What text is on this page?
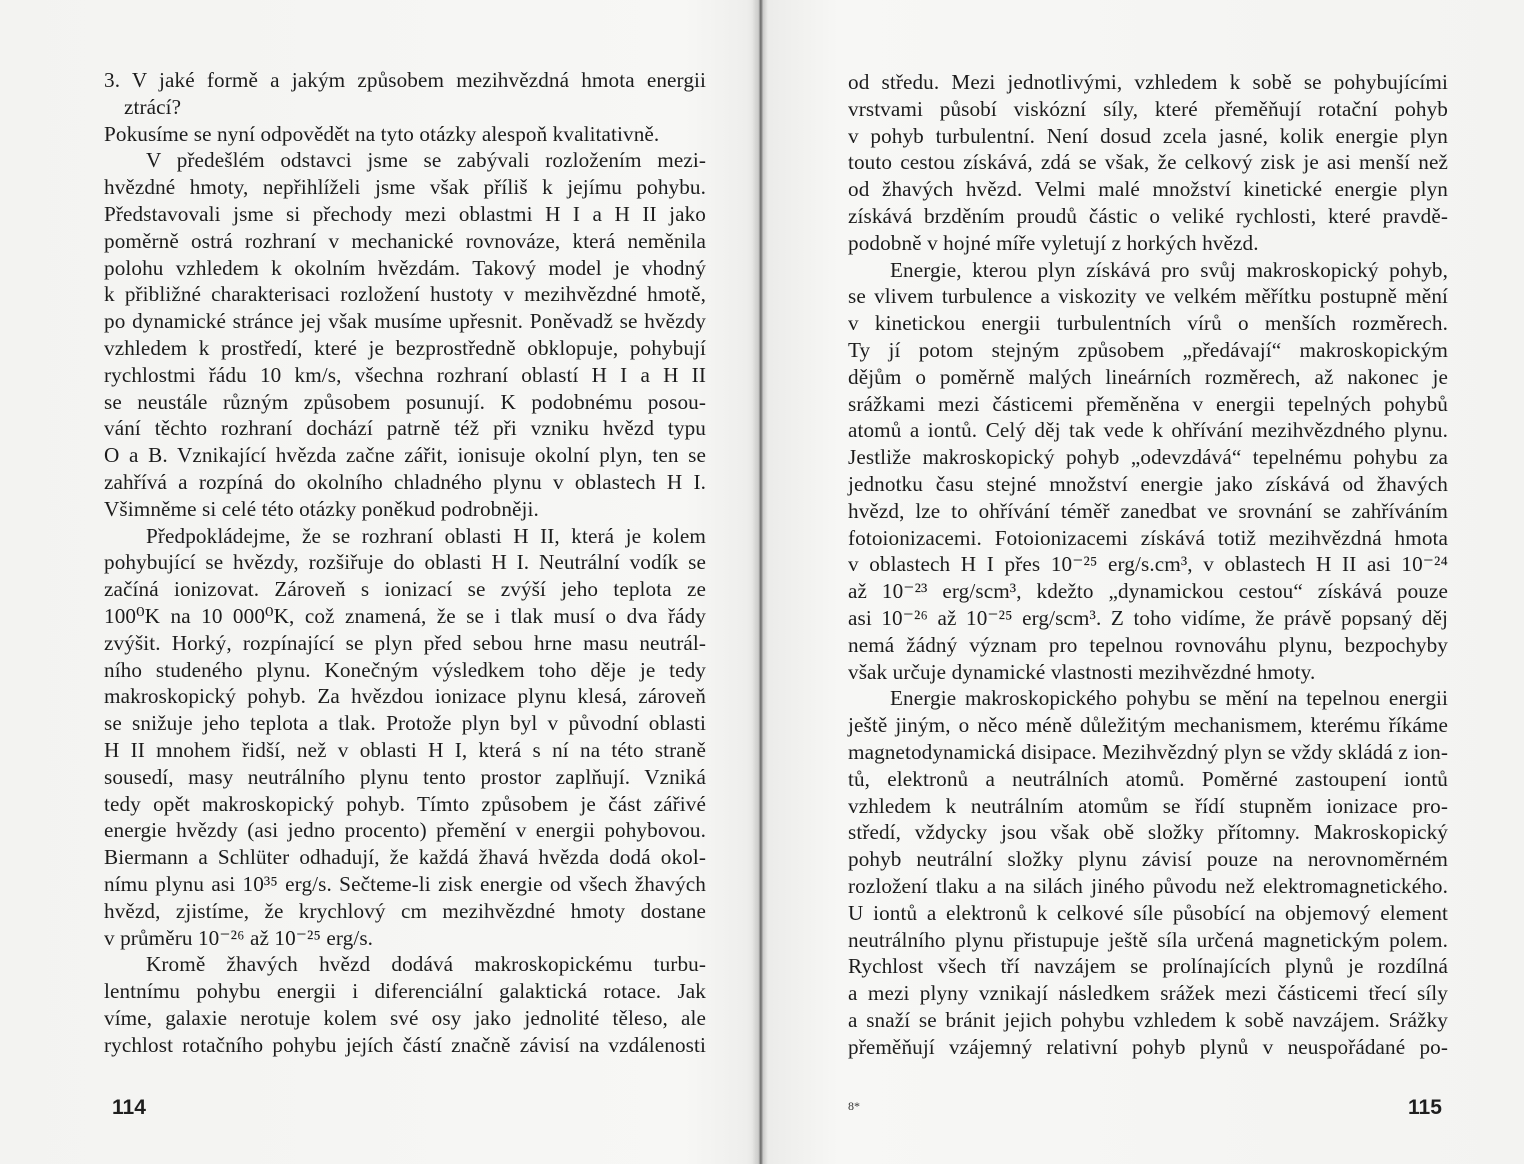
3. V jaké formě a jakým způsobem mezihvězdná hmota energii
ztrácí?
Pokusíme se nyní odpovědět na tyto otázky alespoň kvalitativně.
V předešlém odstavci jsme se zabývali rozložením mezi-
hvězdné hmoty, nepřihlíželi jsme však příliš k jejímu pohybu.
Představovali jsme si přechody mezi oblastmi H I a H II jako
poměrně ostrá rozhraní v mechanické rovnováze, která neměnila
polohu vzhledem k okolním hvězdám. Takový model je vhodný
k přibližné charakterisaci rozložení hustoty v mezihvězdné hmotě,
po dynamické stránce jej však musíme upřesnit. Poněvadž se hvězdy
vzhledem k prostředí, které je bezprostředně obklopuje, pohybují
rychlostmi řádu 10 km/s, všechna rozhraní oblastí H I a H II
se neustále různým způsobem posunují. K podobnému posou-
vání těchto rozhraní dochází patrně též při vzniku hvězd typu
O a B. Vznikající hvězda začne zářit, ionisuje okolní plyn, ten se
zahřívá a rozpíná do okolního chladného plynu v oblastech H I.
Všimněme si celé této otázky poněkud podrobněji.
Předpokládejme, že se rozhraní oblasti H II, která je kolem
pohybující se hvězdy, rozšiřuje do oblasti H I. Neutrální vodík se
začíná ionizovat. Zároveň s ionizací se zvýší jeho teplota ze
100⁰K na 10 000⁰K, což znamená, že se i tlak musí o dva řády
zvýšit. Horký, rozpínající se plyn před sebou hrne masu neutrál-
ního studeného plynu. Konečným výsledkem toho děje je tedy
makroskopický pohyb. Za hvězdou ionizace plynu klesá, zároveň
se snižuje jeho teplota a tlak. Protože plyn byl v původní oblasti
H II mnohem řidší, než v oblasti H I, která s ní na této straně
sousedí, masy neutrálního plynu tento prostor zaplňují. Vzniká
tedy opět makroskopický pohyb. Tímto způsobem je část zářivé
energie hvězdy (asi jedno procento) přemění v energii pohybovou.
Biermann a Schlüter odhadují, že každá žhavá hvězda dodá okol-
nímu plynu asi 10³⁵ erg/s. Sečteme-li zisk energie od všech žhavých
hvězd, zjistíme, že krychlový cm mezihvězdné hmoty dostane
v průměru 10⁻²⁶ až 10⁻²⁵ erg/s.
Kromě žhavých hvězd dodává makroskopickému turbu-
lentnímu pohybu energii i diferenciální galaktická rotace. Jak
víme, galaxie nerotuje kolem své osy jako jednolité těleso, ale
rychlost rotačního pohybu jejích částí značně závisí na vzdálenosti
114
od středu. Mezi jednotlivými, vzhledem k sobě se pohybujícími
vrstvami působí viskózní síly, které přeměňují rotační pohyb
v pohyb turbulentní. Není dosud zcela jasné, kolik energie plyn
touto cestou získává, zdá se však, že celkový zisk je asi menší než
od žhavých hvězd. Velmi malé množství kinetické energie plyn
získává brzděním proudů částic o veliké rychlosti, které pravdě-
podobně v hojné míře vyletují z horkých hvězd.
Energie, kterou plyn získává pro svůj makroskopický pohyb,
se vlivem turbulence a viskozity ve velkém měřítku postupně mění
v kinetickou energii turbulentních vírů o menších rozměrech.
Ty jí potom stejným způsobem „předávají“ makroskopickým
dějům o poměrně malých lineárních rozměrech, až nakonec je
srážkami mezi částicemi přeměněna v energii tepelných pohybů
atomů a iontů. Celý děj tak vede k ohřívání mezihvězdného plynu.
Jestliže makroskopický pohyb „odevzdává“ tepelnému pohybu za
jednotku času stejné množství energie jako získává od žhavých
hvězd, lze to ohřívání téměř zanedbat ve srovnání se zahříváním
fotoionizacemi. Fotoionizacemi získává totiž mezihvězdná hmota
v oblastech H I přes 10⁻²⁵ erg/s.cm³, v oblastech H II asi 10⁻²⁴
až 10⁻²³ erg/scm³, kdežto „dynamickou cestou“ získává pouze
asi 10⁻²⁶ až 10⁻²⁵ erg/scm³. Z toho vidíme, že právě popsaný děj
nemá žádný význam pro tepelnou rovnováhu plynu, bezpochyby
však určuje dynamické vlastnosti mezihvězdné hmoty.
Energie makroskopického pohybu se mění na tepelnou energii
ještě jiným, o něco méně důležitým mechanismem, kterému říkáme
magnetodynamická disipace. Mezihvězdný plyn se vždy skládá z ion-
tů, elektronů a neutrálních atomů. Poměrné zastoupení iontů
vzhledem k neutrálním atomům se řídí stupněm ionizace pro-
středí, vždycky jsou však obě složky přítomny. Makroskopický
pohyb neutrální složky plynu závisí pouze na nerovnoměrném
rozložení tlaku a na silách jiného původu než elektromagnetického.
U iontů a elektronů k celkové síle působící na objemový element
neutrálního plynu přistupuje ještě síla určená magnetickým polem.
Rychlost všech tří navzájem se prolínajících plynů je rozdílná
a mezi plyny vznikají následkem srážek mezi částicemi třecí síly
a snaží se bránit jejich pohybu vzhledem k sobě navzájem. Srážky
přeměňují vzájemný relativní pohyb plynů v neuspořádané po-
8*	115
